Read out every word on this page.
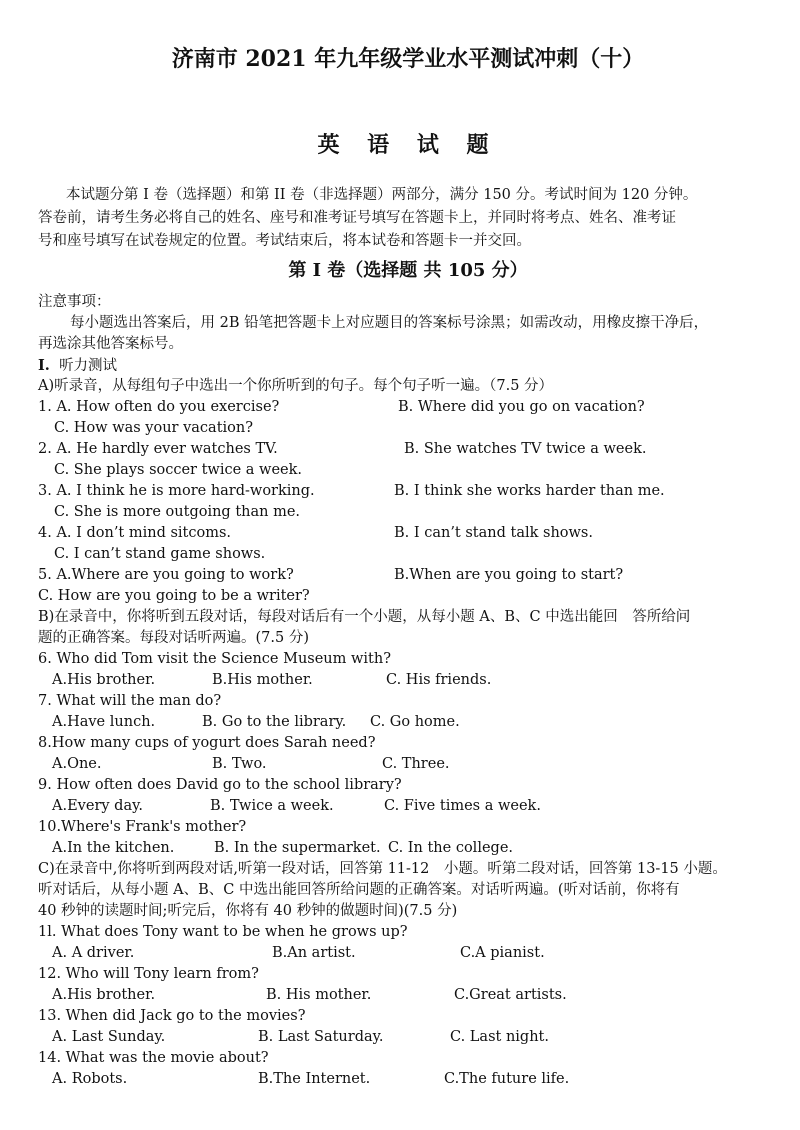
济南市 2021 年九年级学业水平测试冲刺（十）
英 语 试 题

本试题分第 I 卷（选择题）和第 II 卷（非选择题）两部分，满分 150 分。考试时间为 120 分钟。

答卷前，请考生务必将自己的姓名、座号和准考证号填写在答题卡上，并同时将考点、姓名、准考证

号和座号填写在试卷规定的位置。考试结束后，将本试卷和答题卡一并交回。

第 I 卷（选择题 共 105 分）
注意事项：
每小题选出答案后，用 2B 铅笔把答题卡上对应题目的答案标号涂黑；如需改动，用橡皮擦干净后，
再选涂其他答案标号。
I. 听力测试
A)听录音，从每组句子中选出一个你所听到的句子。每个句子听一遍。（7.5 分）
1. A. How often do you exercise?	B. Where did you go on vacation?
C. How was your vacation?
2. A. He hardly ever watches TV.	B. She watches TV twice a week.
C. She plays soccer twice a week.
3. A. I think he is more hard-working.	B. I think she works harder than me.
C. She is more outgoing than me.
4. A. I don’t mind sitcoms.	B. I can’t stand talk shows.
C. I can’t stand game shows.
5. A.Where are you going to work?	B.When are you going to start?
C. How are you going to be a writer?
B)在录音中，你将听到五段对话，每段对话后有一个小题，从每小题 A、B、C 中选出能回　答所给问
题的正确答案。每段对话听两遍。(7.5 分)
6. Who did Tom visit the Science Museum with?
A.His brother.	B.His mother.	C. His friends.
7. What will the man do?
A.Have lunch.	B. Go to the library. C. Go home.
8.How many cups of yogurt does Sarah need?
A.One.	B. Two.	C. Three.
9. How often does David go to the school library?
A.Every day.	B. Twice a week.	C. Five times a week.
10.Where's Frank's mother?
A.In the kitchen.	B. In the supermarket. C. In the college.
C)在录音中,你将听到两段对话,听第一段对话，回答第 11-12　小题。听第二段对话，回答第 13-15 小题。
听对话后，从每小题 A、B、C 中选出能回答所给问题的正确答案。对话听两遍。(听对话前，你将有
40 秒钟的读题时间;听完后，你将有 40 秒钟的做题时间)(7.5 分)
1l. What does Tony want to be when he grows up?
A. A driver.	B.An artist.	C.A pianist.
12. Who will Tony learn from?
A.His brother.	B. His mother.	C.Great artists.
13. When did Jack go to the movies?
A. Last Sunday.	B. Last Saturday.	C. Last night.
14. What was the movie about?
A. Robots.	B.The Internet.	C.The future life.
